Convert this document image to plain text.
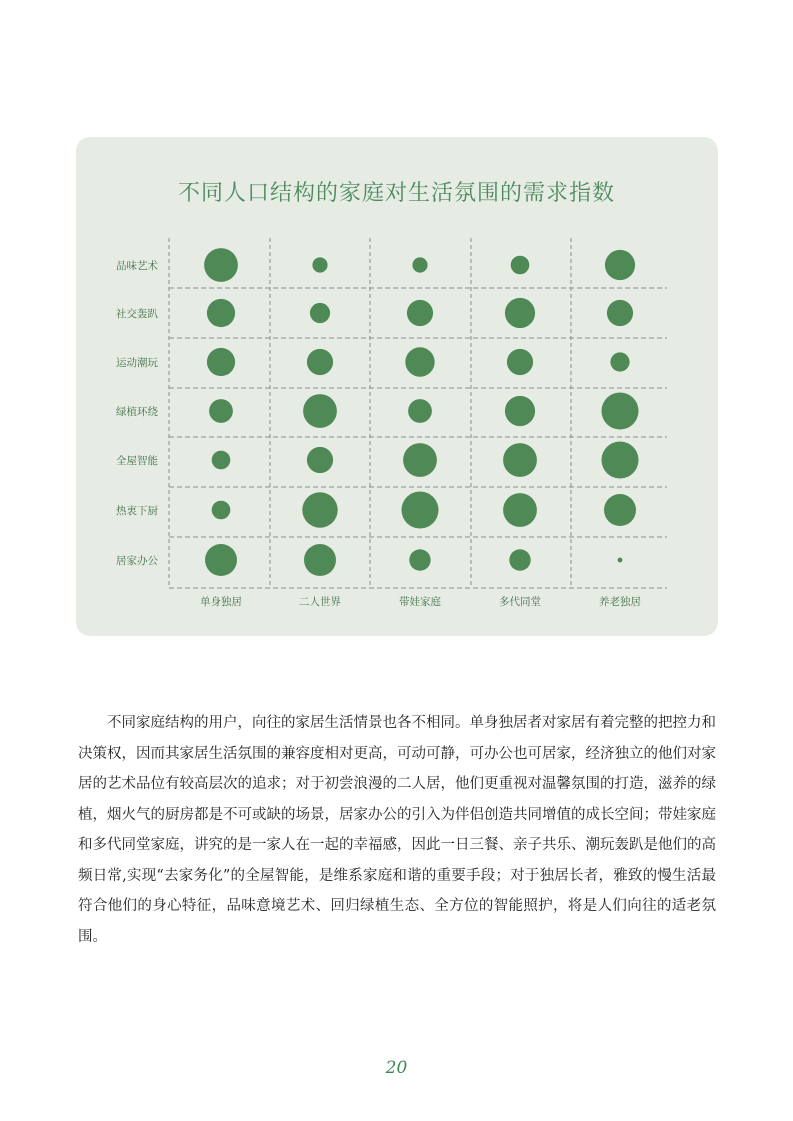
不同人口结构的家庭对生活氛围的需求指数
品味艺术
社交轰趴
运动潮玩
绿植环绕
全屋智能
热衷下厨
居家办公
单身独居	二人世界	带娃家庭	多代同堂	养老独居

不同家庭结构的用户，向往的家居生活情景也各不相同。单身独居者对家居有着完整的把控力和决策权，因而其家居生活氛围的兼容度相对更高，可动可静，可办公也可居家，经济独立的他们对家居的艺术品位有较高层次的追求；对于初尝浪漫的二人居，他们更重视对温馨氛围的打造，滋养的绿植，烟火气的厨房都是不可或缺的场景，居家办公的引入为伴侣创造共同增值的成长空间；带娃家庭和多代同堂家庭，讲究的是一家人在一起的幸福感，因此一日三餐、亲子共乐、潮玩轰趴是他们的高频日常,实现“去家务化”的全屋智能，是维系家庭和谐的重要手段；对于独居长者，雅致的慢生活最符合他们的身心特征，品味意境艺术、回归绿植生态、全方位的智能照护，将是人们向往的适老氛围。

20
